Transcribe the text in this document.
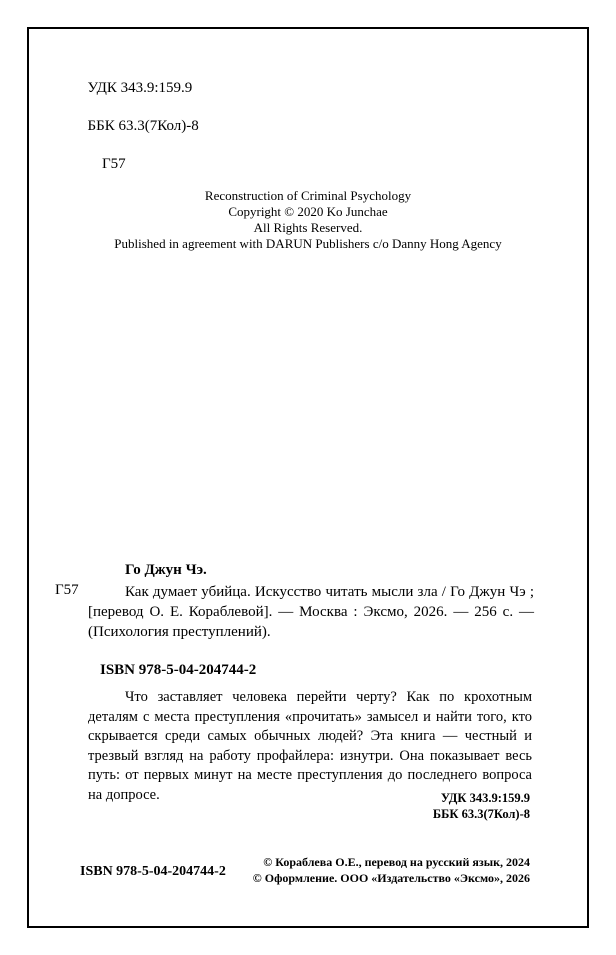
УДК 343.9:159.9

ББК 63.3(7Кол)-8

Г57

Reconstruction of Criminal Psychology
Copyright © 2020 Ko Junchae
All Rights Reserved.
Published in agreement with DARUN Publishers c/o Danny Hong Agency
Го Джун Чэ.
Г57	Как думает убийца. Искусство читать мысли зла / Го Джун Чэ ; [перевод О. Е. Кораблевой]. — Москва : Эксмо, 2026. — 256 с. — (Психология преступлений).
ISBN 978-5-04-204744-2
Что заставляет человека перейти черту? Как по крохотным деталям с места преступления «прочитать» замысел и найти того, кто скрывается среди самых обычных людей? Эта книга — честный и трезвый взгляд на работу профайлера: изнутри. Она показывает весь путь: от первых минут на месте преступления до последнего вопроса на допросе.	УДК 343.9:159.9
ББК 63.3(7Кол)-8
ISBN 978-5-04-204744-2
© Кораблева О.Е., перевод на русский язык, 2024
© Оформление. ООО «Издательство «Эксмо», 2026
